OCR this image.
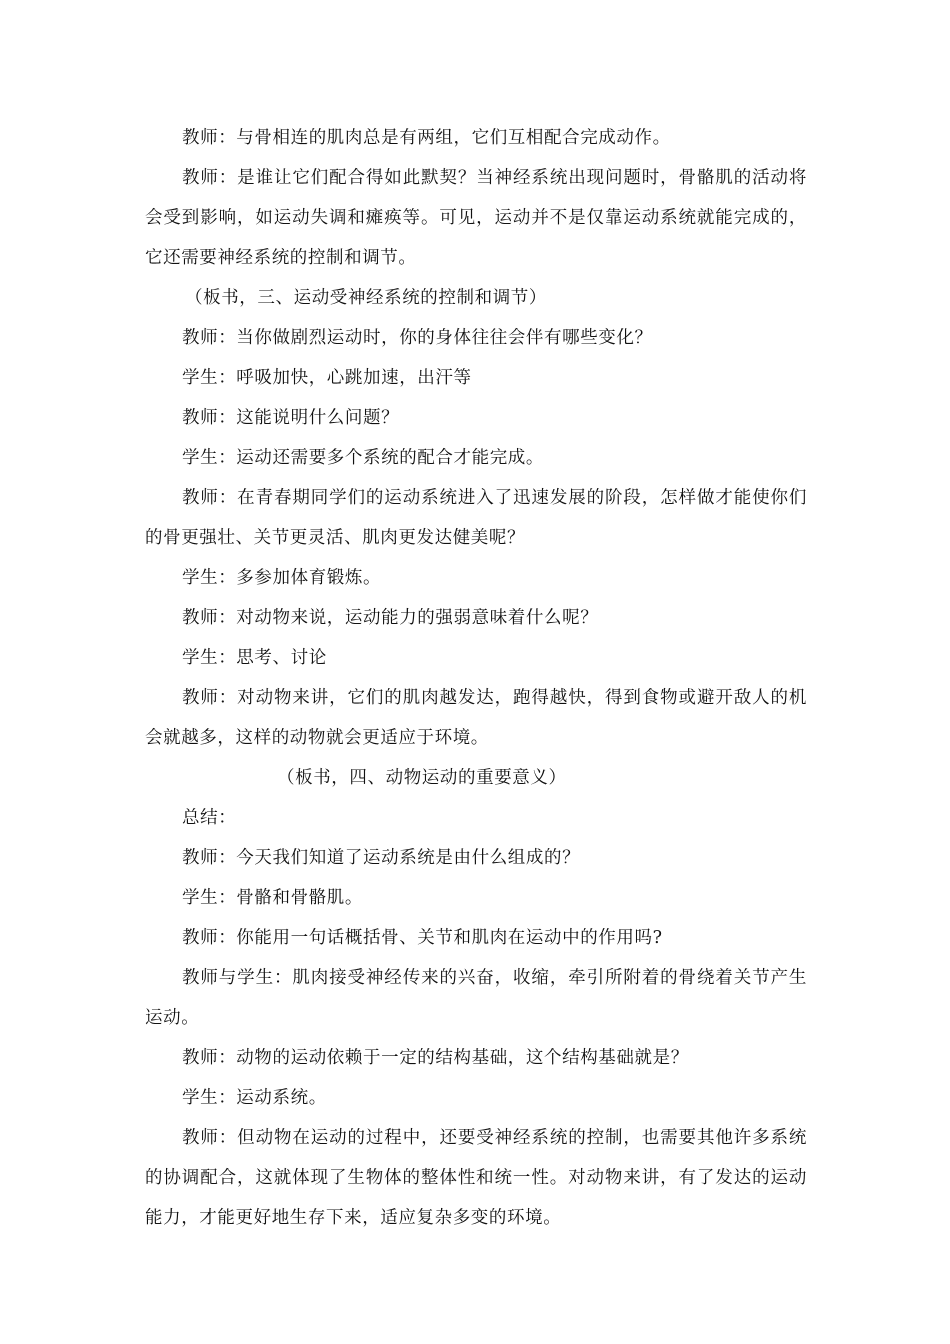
教师：与骨相连的肌肉总是有两组，它们互相配合完成动作。

教师：是谁让它们配合得如此默契？当神经系统出现问题时，骨骼肌的活动将会受到影响，如运动失调和瘫痪等。可见，运动并不是仅靠运动系统就能完成的，它还需要神经系统的控制和调节。

（板书，三、运动受神经系统的控制和调节）

教师：当你做剧烈运动时，你的身体往往会伴有哪些变化？

学生：呼吸加快，心跳加速，出汗等

教师：这能说明什么问题？

学生：运动还需要多个系统的配合才能完成。

教师：在青春期同学们的运动系统进入了迅速发展的阶段，怎样做才能使你们的骨更强壮、关节更灵活、肌肉更发达健美呢？

学生：多参加体育锻炼。

教师：对动物来说，运动能力的强弱意味着什么呢？

学生：思考、讨论

教师：对动物来讲，它们的肌肉越发达，跑得越快，得到食物或避开敌人的机会就越多，这样的动物就会更适应于环境。

（板书，四、动物运动的重要意义）

总结：

教师：今天我们知道了运动系统是由什么组成的？

学生：骨骼和骨骼肌。

教师：你能用一句话概括骨、关节和肌肉在运动中的作用吗?

教师与学生：肌肉接受神经传来的兴奋，收缩，牵引所附着的骨绕着关节产生运动。

教师：动物的运动依赖于一定的结构基础，这个结构基础就是？

学生：运动系统。

教师：但动物在运动的过程中，还要受神经系统的控制，也需要其他许多系统的协调配合，这就体现了生物体的整体性和统一性。对动物来讲，有了发达的运动能力，才能更好地生存下来，适应复杂多变的环境。
